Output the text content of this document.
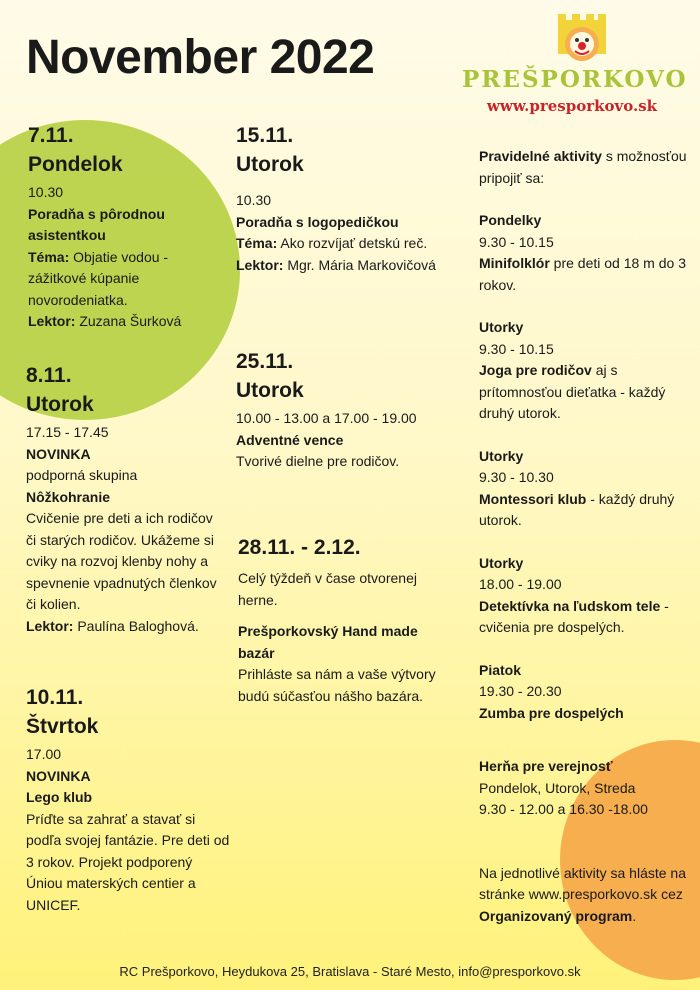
November 2022	PREŠPORKOVO
www.presporkovo.sk

7.11.

Pondelok

10.30

Poradňa s pôrodnou asistentkou

Téma: Objatie vodou - zážitkové kúpanie novorodeniatka.

Lektor: Zuzana Šurková

8.11.

Utorok

17.15 - 17.45

NOVINKA

podporná skupina

Nôžkohranie

Cvičenie pre deti a ich rodičov či starých rodičov. Ukážeme si cviky na rozvoj klenby nohy a spevnenie vpadnutých členkov či kolien.

Lektor: Paulína Baloghová.

10.11.

Štvrtok

17.00

NOVINKA

Lego klub

Príďte sa zahrať a stavať si podľa svojej fantázie. Pre deti od 3 rokov. Projekt podporený Úniou materských centier a UNICEF.

15.11.

Utorok

10.30

Poradňa s logopedičkou

Téma: Ako rozvíjať detskú reč.

Lektor: Mgr. Mária Markovičová

25.11.

Utorok

10.00 - 13.00 a 17.00 - 19.00

Adventné vence

Tvorivé dielne pre rodičov.

28.11. - 2.12.

Celý týždeň v čase otvorenej herne.

Prešporkovský Hand made bazár

Prihláste sa nám a vaše výtvory budú súčasťou nášho bazára.

Pravidelné aktivity s možnosťou pripojiť sa:

Pondelky

9.30 - 10.15

Minifolklór pre deti od 18 m do 3 rokov.

Utorky

9.30 - 10.15

Joga pre rodičov aj s prítomnosťou dieťatka - každý druhý utorok.

Utorky

9.30 - 10.30

Montessori klub - každý druhý utorok.

Utorky

18.00 - 19.00

Detektívka na ľudskom tele - cvičenia pre dospelých.

Piatok

19.30 - 20.30

Zumba pre dospelých

Herňa pre verejnosť

Pondelok, Utorok, Streda

9.30 - 12.00 a 16.30 -18.00

Na jednotlivé aktivity sa hláste na stránke www.presporkovo.sk cez Organizovaný program.

RC Prešporkovo, Heydukova 25, Bratislava - Staré Mesto, info@presporkovo.sk
